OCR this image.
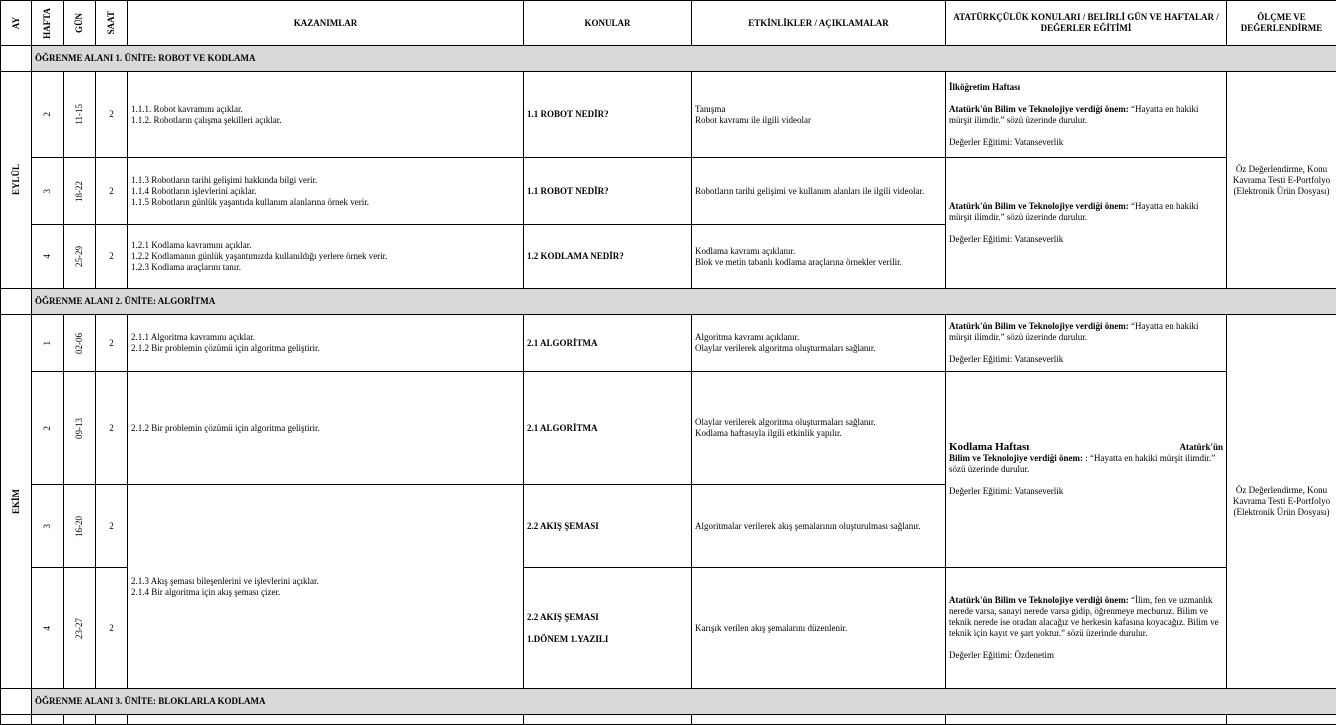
AY	HAFTA	GÜN	SAAT	KAZANIMLAR	KONULAR	ETKİNLİKLER / AÇIKLAMALAR	ATATÜRKÇÜLÜK KONULARI / BELİRLİ GÜN VE HAFTALAR / DEĞERLER EĞİTİMİ	ÖLÇME VE DEĞERLENDİRME
	ÖĞRENME ALANI 1. ÜNİTE: ROBOT VE KODLAMA							

EYLÜL	2	11-15	2	1.1.1. Robot kavramını açıklar.
1.1.2. Robotların çalışma şekilleri açıklar.	1.1 ROBOT NEDİR?	Tanışma
Robot kavramı ile ilgili videolar	İlköğretim Haftası
Atatürk'ün Bilim ve Teknolojiye verdiği önem: “Hayatta en hakiki mürşit ilimdir.” sözü üzerinde durulur.
Değerler Eğitimi: Vatanseverlik	Öz Değerlendirme, Konu Kavrama Testi E-Portfolyo (Elektronik Ürün Dosyası)

	3	18-22	2	1.1.3 Robotların tarihi gelişimi hakkında bilgi verir.
1.1.4 Robotların işlevlerini açıklar.
1.1.5 Robotların günlük yaşantıda kullanım alanlarına örnek verir.	1.1 ROBOT NEDİR?	Robotların tarihi gelişimi ve kullanım alanları ile ilgili videolar.	Atatürk'ün Bilim ve Teknolojiye verdiği önem: “Hayatta en hakiki mürşit ilimdir.” sözü üzerinde durulur.
Değerler Eğitimi: Vatanseverlik	

	4	25-29	2	1.2.1 Kodlama kavramını açıklar.
1.2.2 Kodlamanın günlük yaşantımızda kullanıldığı yerlere örnek verir.
1.2.3 Kodlama araçlarını tanır.	1.2 KODLAMA NEDİR?	Kodlama kavramı açıklanır.
Blok ve metin tabanlı kodlama araçlarına örnekler verilir.		

	ÖĞRENME ALANI 2. ÜNİTE: ALGORİTMA							

EKİM	1	02-06	2	2.1.1 Algoritma kavramını açıklar.
2.1.2 Bir problemin çözümü için algoritma geliştirir.	2.1 ALGORİTMA	Algoritma kavramı açıklanır.
Olaylar verilerek algoritma oluşturmaları sağlanır.	Atatürk'ün Bilim ve Teknolojiye verdiği önem: “Hayatta en hakiki mürşit ilimdir.” sözü üzerinde durulur.
Değerler Eğitimi: Vatanseverlik	Öz Değerlendirme, Konu Kavrama Testi E-Portfolyo (Elektronik Ürün Dosyası)

	2	09-13	2	2.1.2 Bir problemin çözümü için algoritma geliştirir.	2.1 ALGORİTMA	Olaylar verilerek algoritma oluşturmaları sağlanır.
Kodlama haftasıyla ilgili etkinlik yapılır.	Kodlama Haftası Atatürk'ün
Bilim ve Teknolojiye verdiği önem: : “Hayatta en hakiki mürşit ilimdir.” sözü üzerinde durulur.
Değerler Eğitimi: Vatanseverlik	

	3	16-20	2	2.1.3 Akış şeması bileşenlerini ve işlevlerini açıklar.
2.1.4 Bir algoritma için akış şeması çizer.	2.2 AKIŞ ŞEMASI	Algoritmalar verilerek akış şemalarının oluşturulması sağlanır.		

	4	23-27	2		2.2 AKIŞ ŞEMASI
1.DÖNEM 1.YAZILI	Karışık verilen akış şemalarını düzenlenir.	Atatürk'ün Bilim ve Teknolojiye verdiği önem: “İlim, fen ve uzmanlık nerede varsa, sanayi nerede varsa gidip, öğrenmeye mecburuz. Bilim ve teknik nerede ise oradan alacağız ve herkesin kafasına koyacağız. Bilim ve teknik için kayıt ve şart yoktur.” sözü üzerinde durulur.
Değerler Eğitimi: Özdenetim	

	ÖĞRENME ALANI 3. ÜNİTE: BLOKLARLA KODLAMA							
